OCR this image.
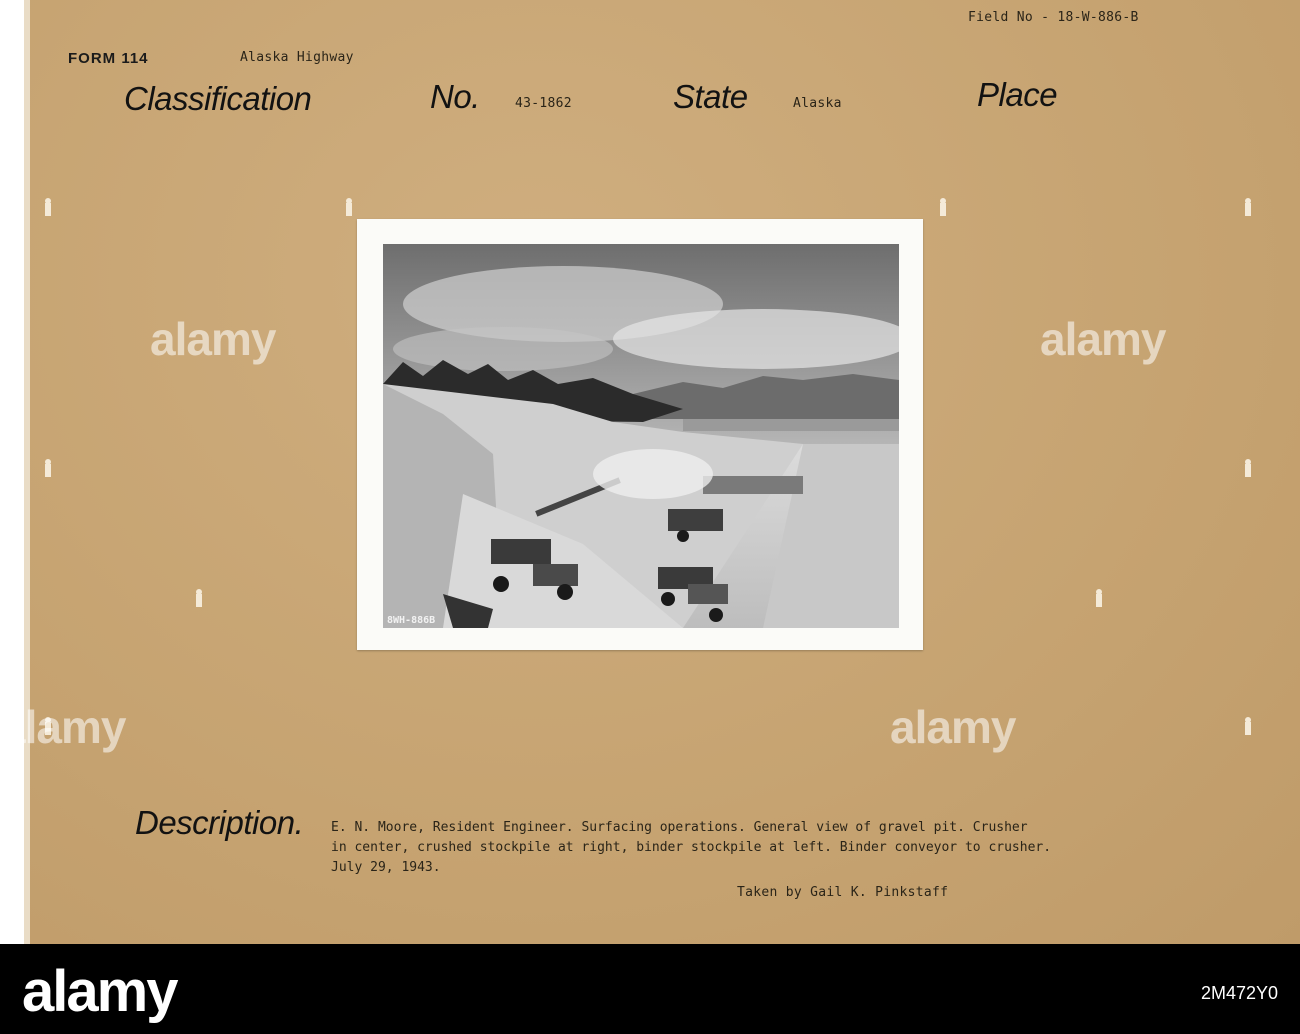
Field No - 18-W-886-B
FORM 114	Alaska Highway
Classification	No.	43-1862	State	Alaska	Place
8WH-886B
Description. E. N. Moore, Resident Engineer. Surfacing operations. General view of gravel pit. Crusher
in center, crushed stockpile at right, binder stockpile at left. Binder conveyor to crusher.
July 29, 1943.
Taken by Gail K. Pinkstaff
alamy	alamy
alamy	alamy
alamy	2M472Y0
